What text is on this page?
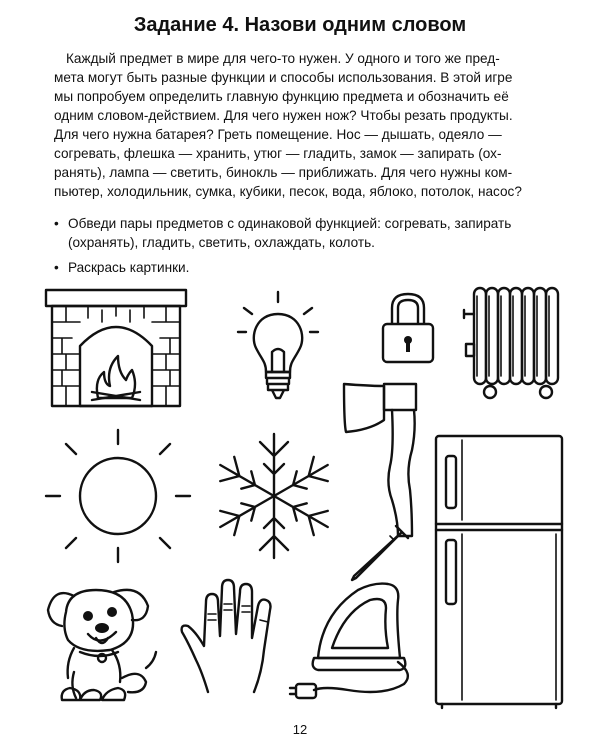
Задание 4. Назови одним словом
Каждый предмет в мире для чего-то нужен. У одного и того же пред-
мета могут быть разные функции и способы использования. В этой игре
мы попробуем определить главную функцию предмета и обозначить её
одним словом-действием. Для чего нужен нож? Чтобы резать продукты.
Для чего нужна батарея? Греть помещение. Нос — дышать, одеяло —
согревать, флешка — хранить, утюг — гладить, замок — запирать (ох-
ранять), лампа — светить, бинокль — приближать. Для чего нужны ком-
пьютер, холодильник, сумка, кубики, песок, вода, яблоко, потолок, насос?
• Обведи пары предметов с одинаковой функцией: согревать, запирать
(охранять), гладить, светить, охлаждать, колоть.
• Раскрась картинки.
12
